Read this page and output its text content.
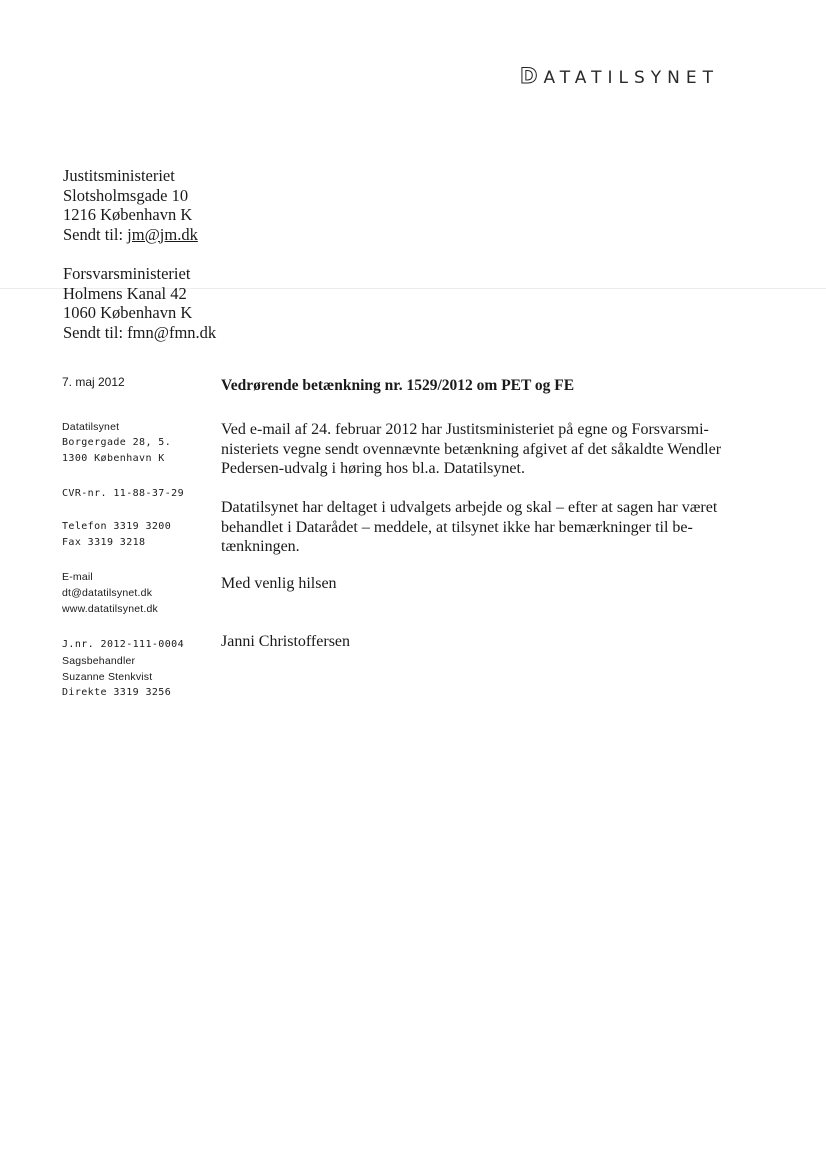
DATATILSYNET
Justitsministeriet
Slotsholmsgade 10
1216 København K
Sendt til: jm@jm.dk
Forsvarsministeriet
Holmens Kanal 42
1060 København K
Sendt til: fmn@fmn.dk
7. maj 2012	Vedrørende betænkning nr. 1529/2012 om PET og FE
Datatilsynet
Borgergade 28, 5.
1300 København K
CVR-nr. 11-88-37-29
Telefon 3319 3200
Fax 3319 3218
E-mail
dt@datatilsynet.dk
www.datatilsynet.dk
J.nr. 2012-111-0004
Sagsbehandler
Suzanne Stenkvist
Direkte 3319 3256
Ved e-mail af 24. februar 2012 har Justitsministeriet på egne og Forsvarsmi-
nisteriets vegne sendt ovennævnte betænkning afgivet af det såkaldte Wendler
Pedersen-udvalg i høring hos bl.a. Datatilsynet.
Datatilsynet har deltaget i udvalgets arbejde og skal – efter at sagen har været
behandlet i Datarådet – meddele, at tilsynet ikke har bemærkninger til be-
tænkningen.
Med venlig hilsen
Janni Christoffersen
